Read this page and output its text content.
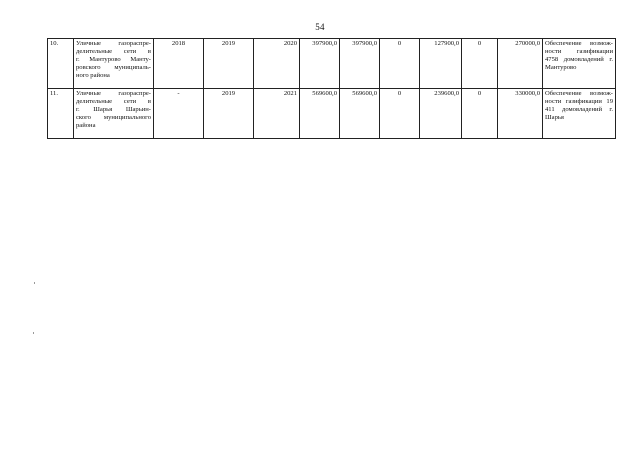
54
10.	Уличные газораспре-
делительные сети в
г. Мантурово Манту-
ровского муниципаль-
ного района	2018	2019	2020	397900,0	397900,0	0	127900,0	0	270000,0	Обеспечение возмож-
ности газификации
4758 домовладений г.
Мантурово

11.	Уличные газораспре-
делительные сети в
г. Шарья Шарьин-
ского муниципального
района	-	2019	2021	569600,0	569600,0	0	239600,0	0	330000,0	Обеспечение возмож-
ности газификации 19
411 домовладений г.
Шарья
